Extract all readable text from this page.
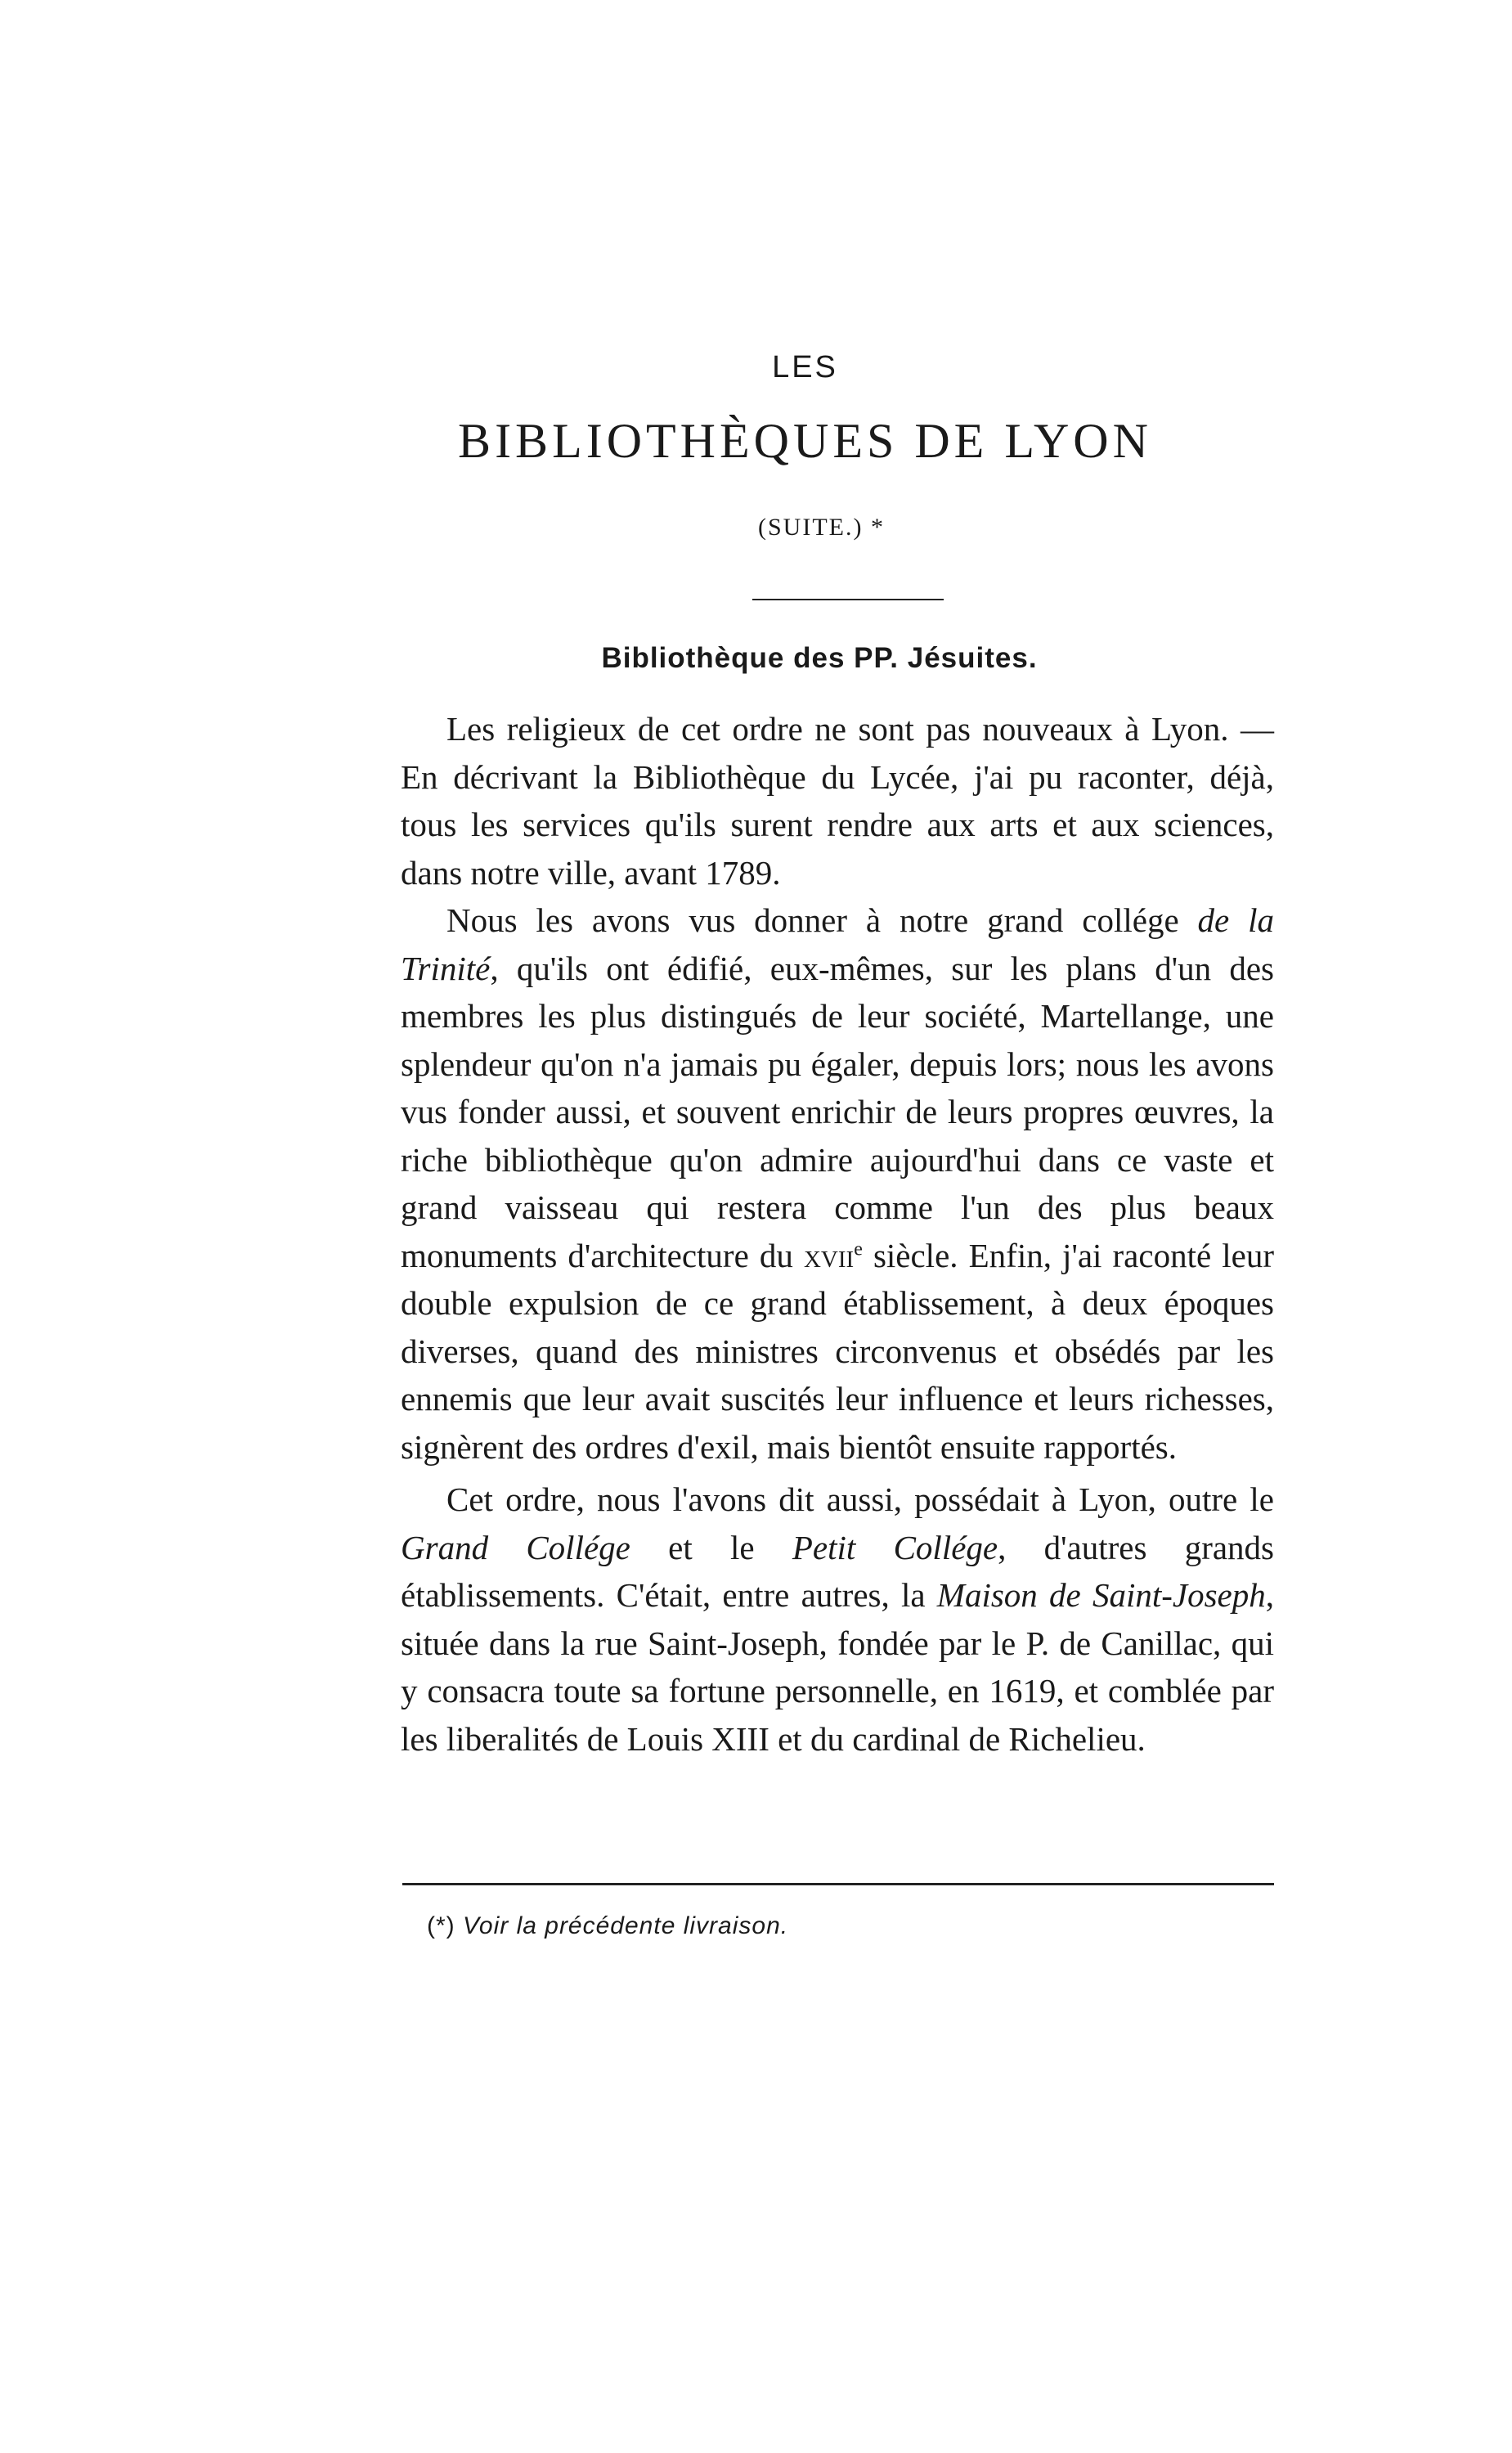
LES
BIBLIOTHÈQUES DE LYON
(SUITE.) *
Bibliothèque des PP. Jésuites.

Les religieux de cet ordre ne sont pas nouveaux à Lyon. — En décrivant la Bibliothèque du Lycée, j'ai pu raconter, déjà, tous les services qu'ils surent rendre aux arts et aux sciences, dans notre ville, avant 1789.

Nous les avons vus donner à notre grand collége de la Trinité, qu'ils ont édifié, eux-mêmes, sur les plans d'un des membres les plus distingués de leur société, Martellange, une splendeur qu'on n'a jamais pu égaler, depuis lors; nous les avons vus fonder aussi, et souvent enrichir de leurs propres œuvres, la riche bibliothèque qu'on admire aujourd'hui dans ce vaste et grand vaisseau qui restera comme l'un des plus beaux monuments d'architecture du xvii$^e$ siècle. Enfin, j'ai raconté leur double expulsion de ce grand établissement, à deux époques diverses, quand des ministres circonvenus et obsédés par les ennemis que leur avait suscités leur influence et leurs richesses, signèrent des ordres d'exil, mais bientôt ensuite rapportés.

Cet ordre, nous l'avons dit aussi, possédait à Lyon, outre le Grand Collége et le Petit Collége, d'autres grands établissements. C'était, entre autres, la Maison de Saint-Joseph, située dans la rue Saint-Joseph, fondée par le P. de Canillac, qui y consacra toute sa fortune personnelle, en 1619, et comblée par les liberalités de Louis XIII et du cardinal de Richelieu.

(*) Voir la précédente livraison.
